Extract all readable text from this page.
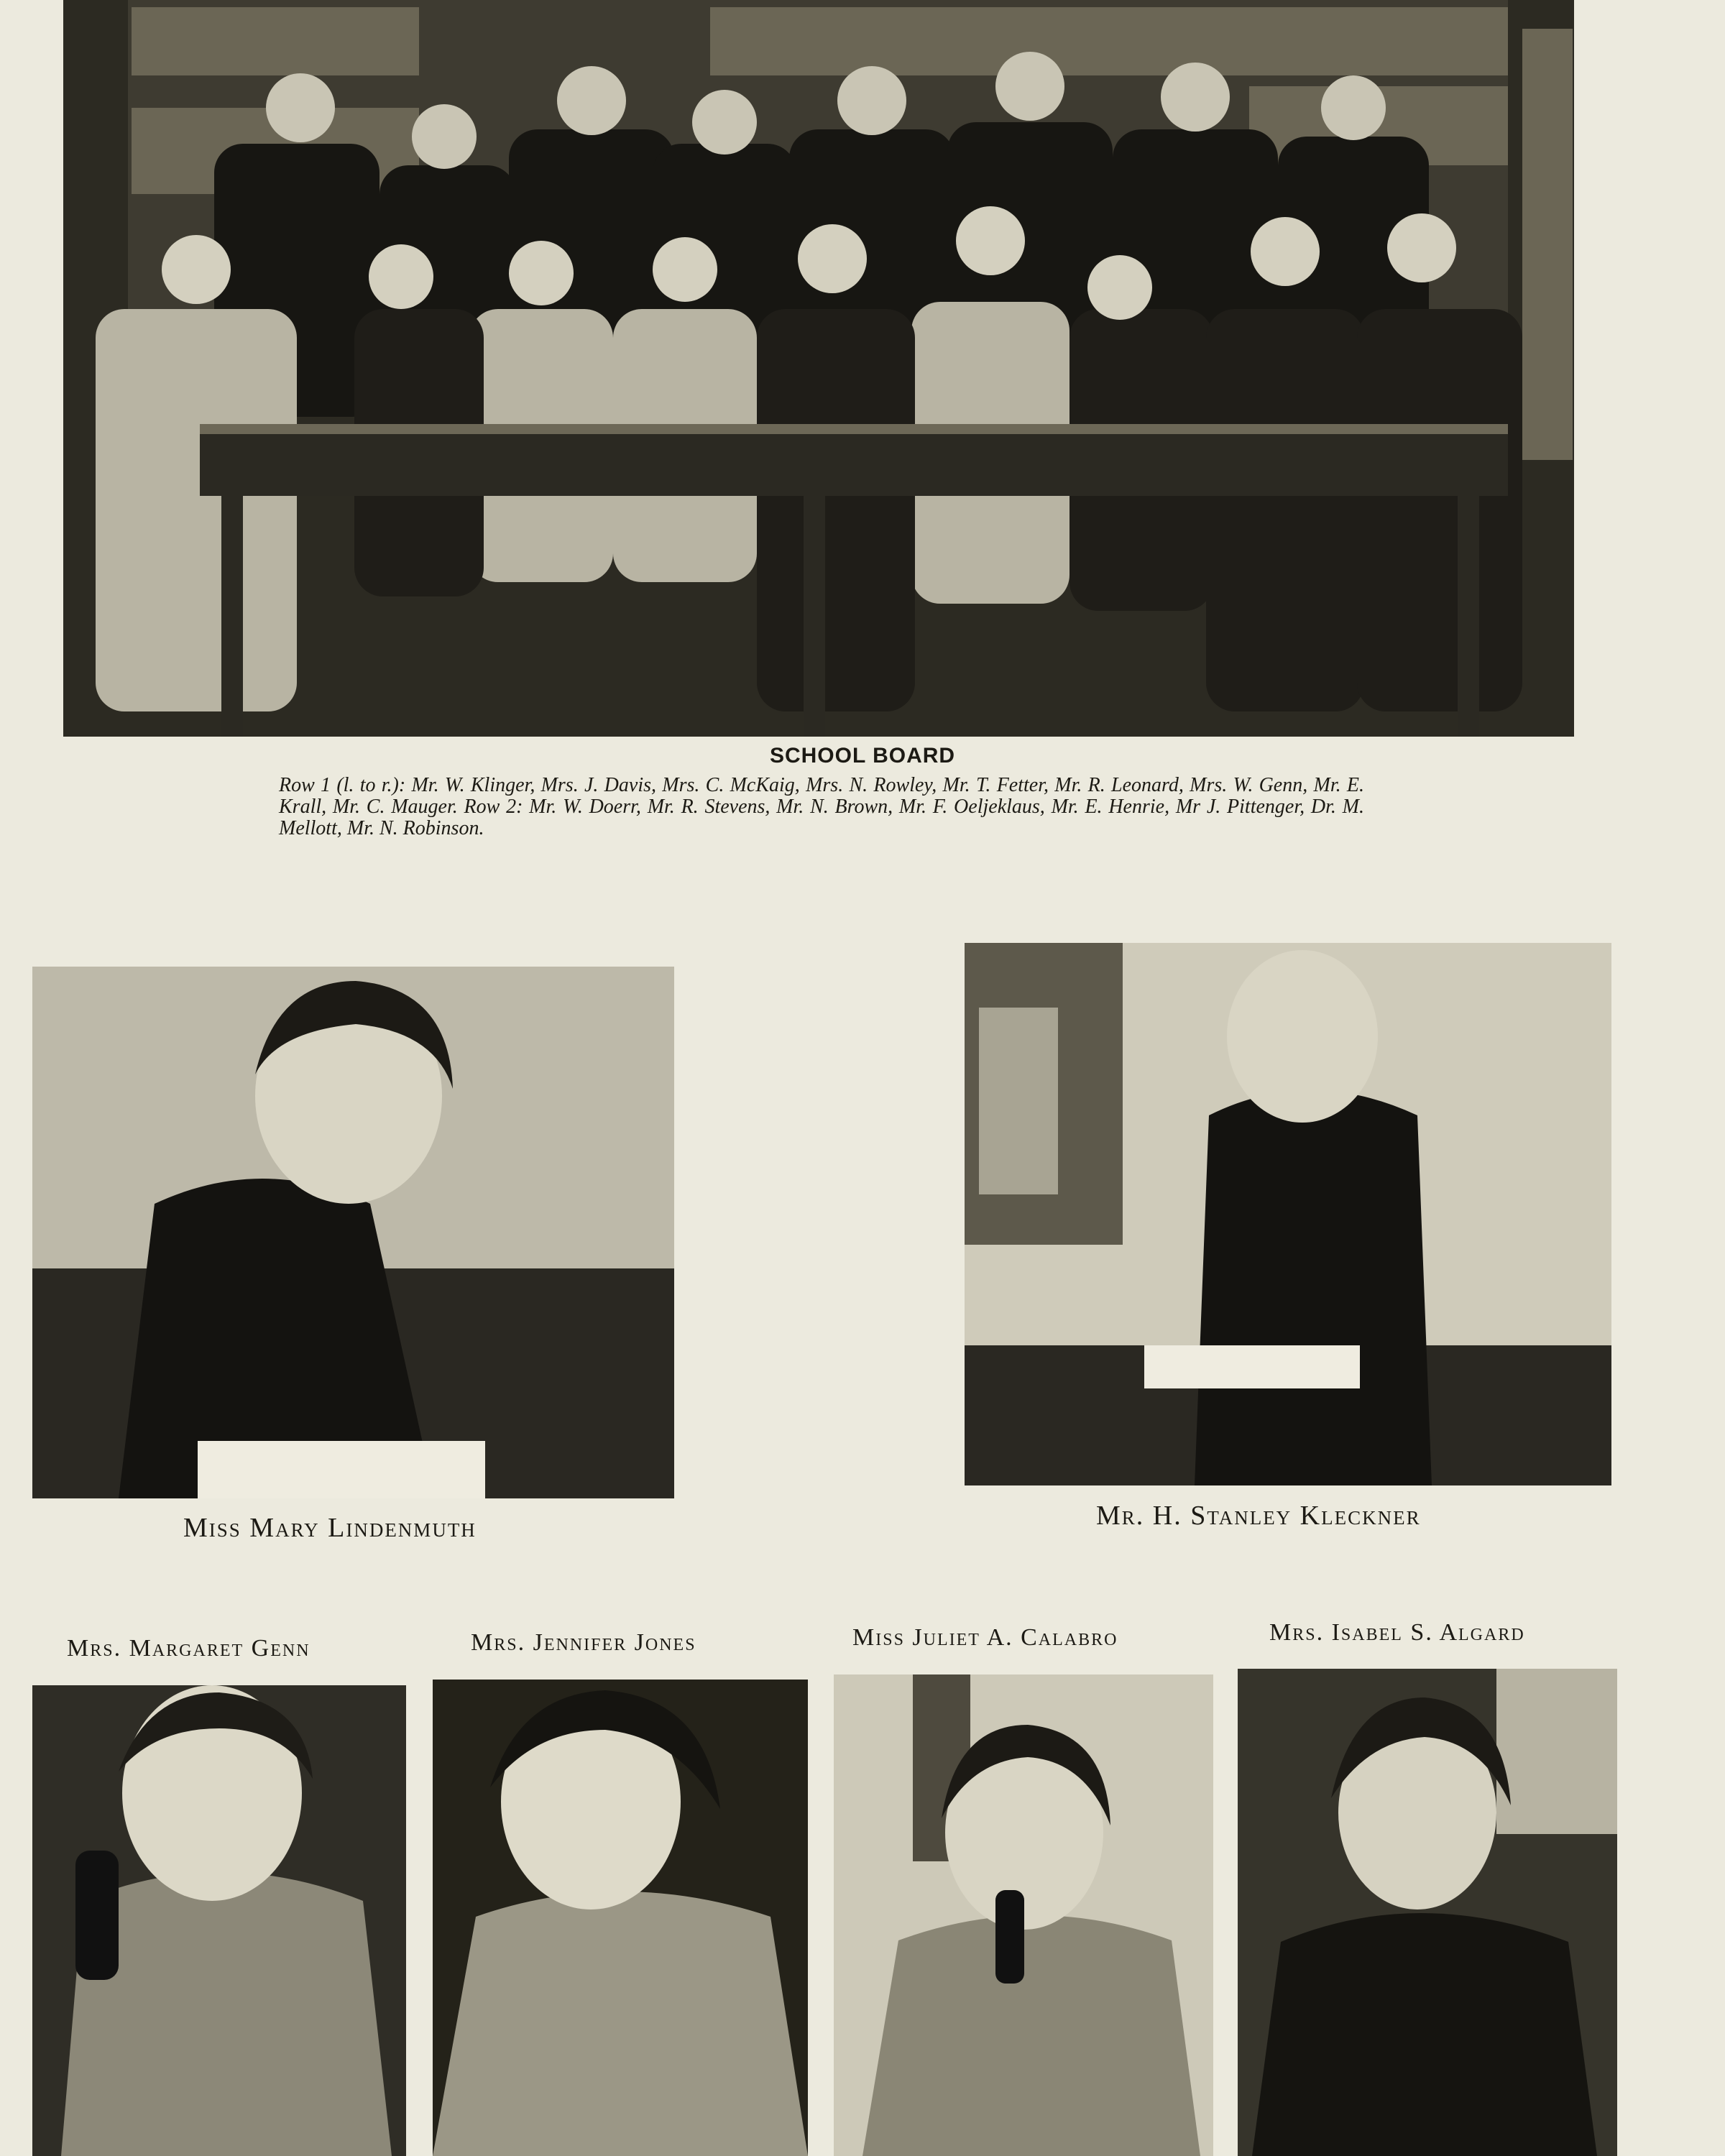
SCHOOL BOARD
Row 1 (l. to r.): Mr. W. Klinger, Mrs. J. Davis, Mrs. C. McKaig, Mrs. N. Rowley, Mr. T. Fetter, Mr. R. Leonard, Mrs. W. Genn, Mr. E. Krall, Mr. C. Mauger. Row 2: Mr. W. Doerr, Mr. R. Stevens, Mr. N. Brown, Mr. F. Oeljeklaus, Mr. E. Henrie, Mr J. Pittenger, Dr. M. Mellott, Mr. N. Robinson.
Miss Mary Lindenmuth	Mr. H. Stanley Kleckner
Mrs. Margaret Genn	Mrs. Jennifer Jones	Miss Juliet A. Calabro	Mrs. Isabel S. Algard
